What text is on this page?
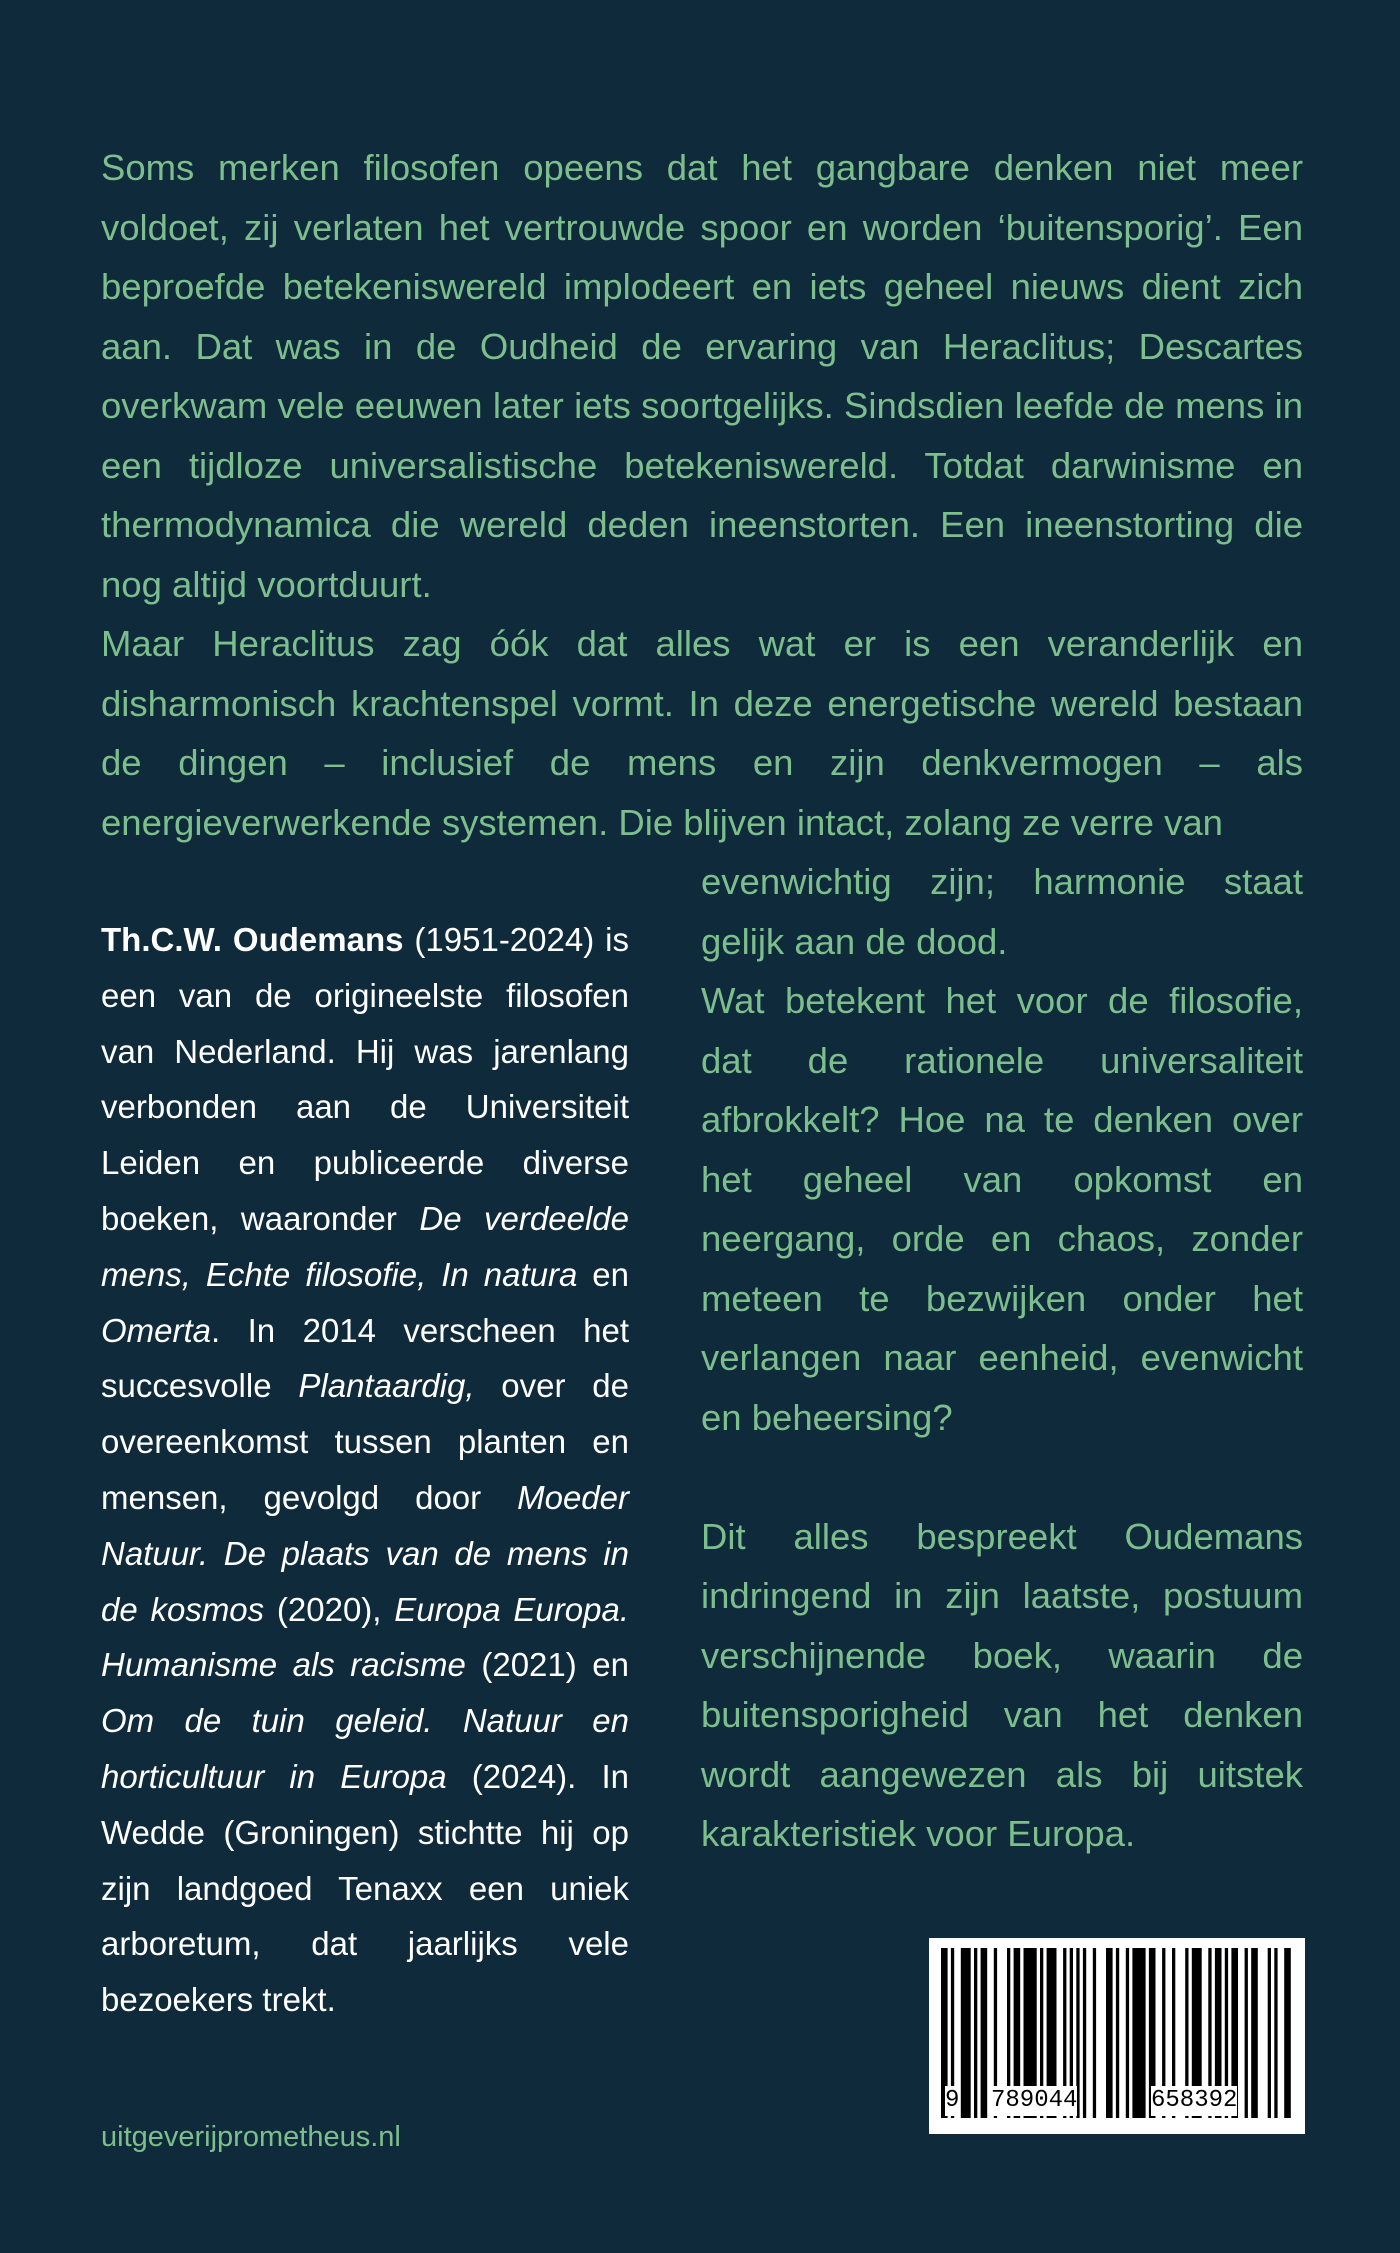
Soms merken filosofen opeens dat het gangbare denken niet meer voldoet, zij verlaten het vertrouwde spoor en worden ‘buitensporig’. Een beproefde betekeniswereld implodeert en iets geheel nieuws dient zich aan. Dat was in de Oudheid de ervaring van Heraclitus; Descartes overkwam vele eeuwen later iets soortgelijks. Sindsdien leefde de mens in een tijdloze universalistische betekeniswereld. Totdat darwinisme en thermodynamica die wereld deden ineenstorten. Een ineenstorting die nog altijd voortduurt.

Maar Heraclitus zag óók dat alles wat er is een veranderlijk en disharmonisch krachtenspel vormt. In deze energetische wereld bestaan de dingen – inclusief de mens en zijn denkvermogen – als energieverwerkende systemen. Die blijven intact, zolang ze verre van

evenwichtig zijn; harmonie staat gelijk aan de dood.

Wat betekent het voor de filosofie, dat de rationele universaliteit afbrokkelt? Hoe na te denken over het geheel van opkomst en neergang, orde en chaos, zonder meteen te bezwijken onder het verlangen naar eenheid, evenwicht en beheersing?

Dit alles bespreekt Oudemans indringend in zijn laatste, postuum verschijnende boek, waarin de buitensporigheid van het denken wordt aangewezen als bij uitstek karakteristiek voor Europa.

Th.C.W. Oudemans (1951-2024) is een van de origineelste filosofen van Nederland. Hij was jarenlang verbonden aan de Universiteit Leiden en publiceerde diverse boeken, waaronder De verdeelde mens, Echte filosofie, In natura en Omerta. In 2014 verscheen het succesvolle Plantaardig, over de overeenkomst tussen planten en mensen, gevolgd door Moeder Natuur. De plaats van de mens in de kosmos (2020), Europa Europa. Humanisme als racisme (2021) en Om de tuin geleid. Natuur en horticultuur in Europa (2024). In Wedde (Groningen) stichtte hij op zijn landgoed Tenaxx een uniek arboretum, dat jaarlijks vele bezoekers trekt.

uitgeverijprometheus.nl
9 789044	658392
